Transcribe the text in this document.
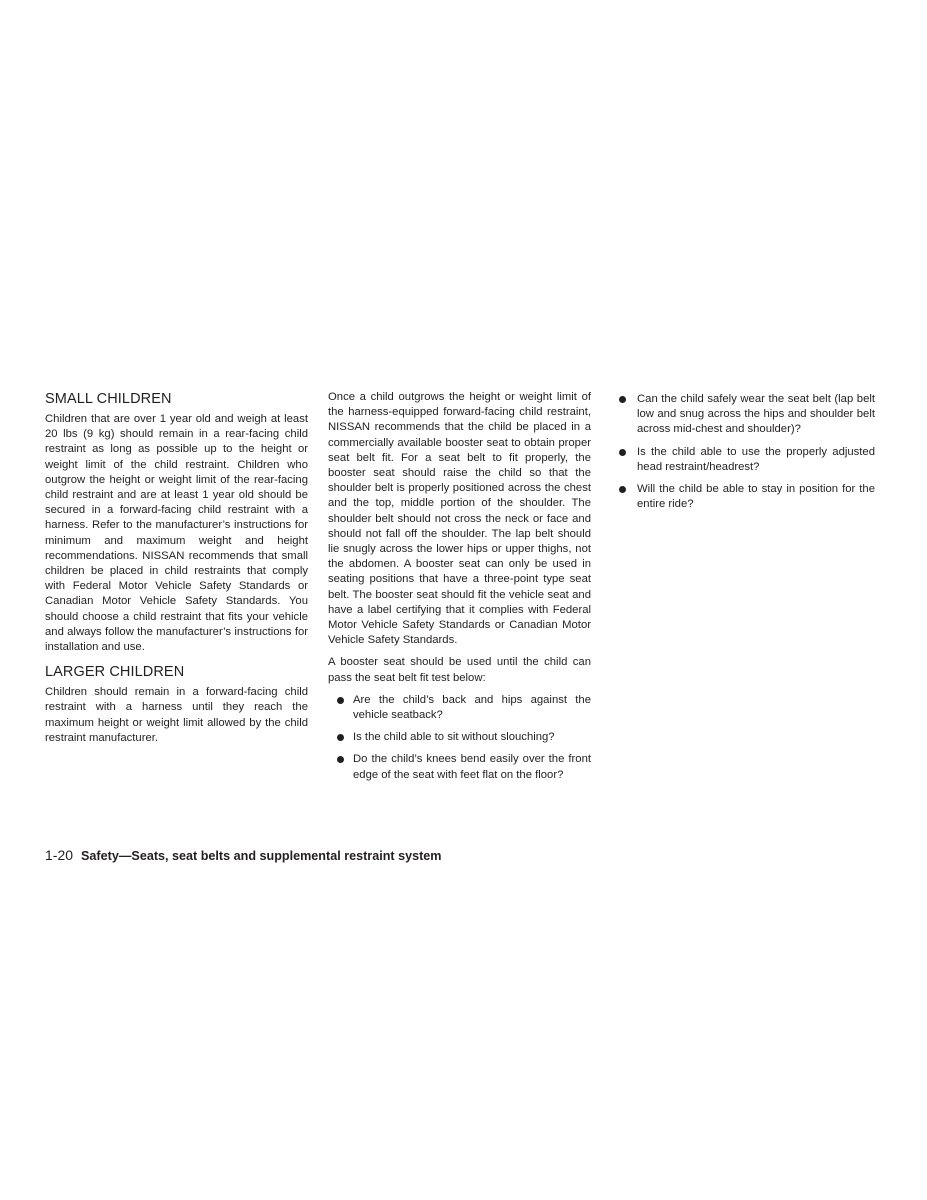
SMALL CHILDREN

Children that are over 1 year old and weigh at least 20 lbs (9 kg) should remain in a rear-facing child restraint as long as possible up to the height or weight limit of the child restraint. Children who outgrow the height or weight limit of the rear-facing child restraint and are at least 1 year old should be secured in a forward-facing child restraint with a harness. Refer to the manufacturer’s instructions for minimum and maximum weight and height recommendations. NISSAN recommends that small children be placed in child restraints that comply with Federal Motor Vehicle Safety Standards or Canadian Motor Vehicle Safety Standards. You should choose a child restraint that fits your vehicle and always follow the manufacturer’s instructions for installation and use.

LARGER CHILDREN

Children should remain in a forward-facing child restraint with a harness until they reach the maximum height or weight limit allowed by the child restraint manufacturer.

Once a child outgrows the height or weight limit of the harness-equipped forward-facing child restraint, NISSAN recommends that the child be placed in a commercially available booster seat to obtain proper seat belt fit. For a seat belt to fit properly, the booster seat should raise the child so that the shoulder belt is properly positioned across the chest and the top, middle portion of the shoulder. The shoulder belt should not cross the neck or face and should not fall off the shoulder. The lap belt should lie snugly across the lower hips or upper thighs, not the abdomen. A booster seat can only be used in seating positions that have a three-point type seat belt. The booster seat should fit the vehicle seat and have a label certifying that it complies with Federal Motor Vehicle Safety Standards or Canadian Motor Vehicle Safety Standards.

A booster seat should be used until the child can pass the seat belt fit test below:

Are the child’s back and hips against the vehicle seatback?
Is the child able to sit without slouching?
Do the child’s knees bend easily over the front edge of the seat with feet flat on the floor?
Can the child safely wear the seat belt (lap belt low and snug across the hips and shoulder belt across mid-chest and shoulder)?
Is the child able to use the properly adjusted head restraint/headrest?
Will the child be able to stay in position for the entire ride?
1-20 Safety—Seats, seat belts and supplemental restraint system
